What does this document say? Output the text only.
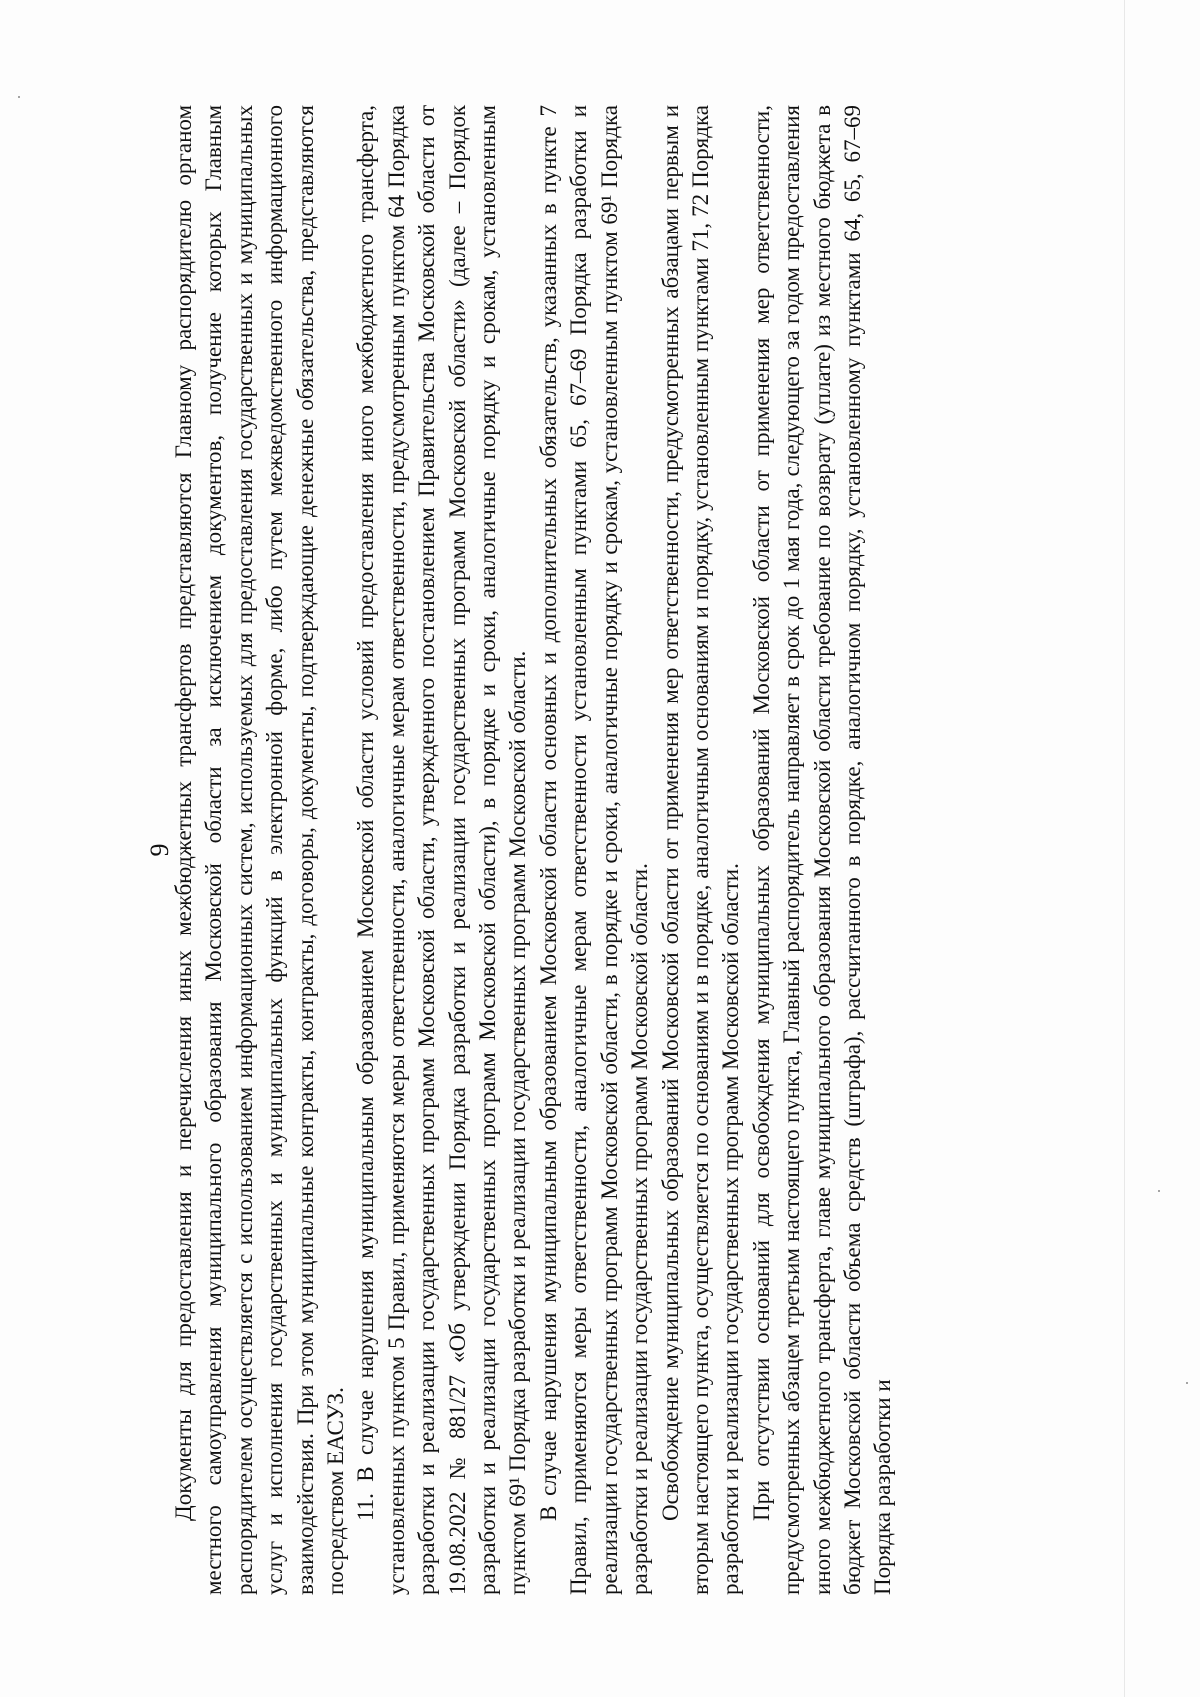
9

Документы для предоставления и перечисления иных межбюджетных трансфертов представляются Главному распорядителю органом местного самоуправления муниципального образования Московской области за исключением документов, получение которых Главным распорядителем осуществляется с использованием информационных систем, используемых для предоставления государственных и муниципальных услуг и исполнения государственных и муниципальных функций в электронной форме, либо путем межведомственного информационного взаимодействия. При этом муниципальные контракты, контракты, договоры, документы, подтверждающие денежные обязательства, представляются посредством ЕАСУЗ. 11. В случае нарушения муниципальным образованием Московской области условий предоставления иного межбюджетного трансферта, установленных пунктом 5 Правил, применяются меры ответственности, аналогичные мерам ответственности, предусмотренным пунктом 64 Порядка разработки и реализации государственных программ Московской области, утвержденного постановлением Правительства Московской области от 19.08.2022 № 881/27 «Об утверждении Порядка разработки и реализации государственных программ Московской области» (далее – Порядок разработки и реализации государственных программ Московской области), в порядке и сроки, аналогичные порядку и срокам, установленным пунктом 69¹ Порядка разработки и реализации государственных программ Московской области. В случае нарушения муниципальным образованием Московской области основных и дополнительных обязательств, указанных в пункте 7 Правил, применяются меры ответственности, аналогичные мерам ответственности установленным пунктами 65, 67–69 Порядка разработки и реализации государственных программ Московской области, в порядке и сроки, аналогичные порядку и срокам, установленным пунктом 69¹ Порядка разработки и реализации государственных программ Московской области. Освобождение муниципальных образований Московской области от применения мер ответственности, предусмотренных абзацами первым и вторым настоящего пункта, осуществляется по основаниям и в порядке, аналогичным основаниям и порядку, установленным пунктами 71, 72 Порядка разработки и реализации государственных программ Московской области. При отсутствии оснований для освобождения муниципальных образований Московской области от применения мер ответственности, предусмотренных абзацем третьим настоящего пункта, Главный распорядитель направляет в срок до 1 мая года, следующего за годом предоставления иного межбюджетного трансферта, главе муниципального образования Московской области требование по возврату (уплате) из местного бюджета в бюджет Московской области объема средств (штрафа), рассчитанного в порядке, аналогичном порядку, установленному пунктами 64, 65, 67–69 Порядка разработки и
